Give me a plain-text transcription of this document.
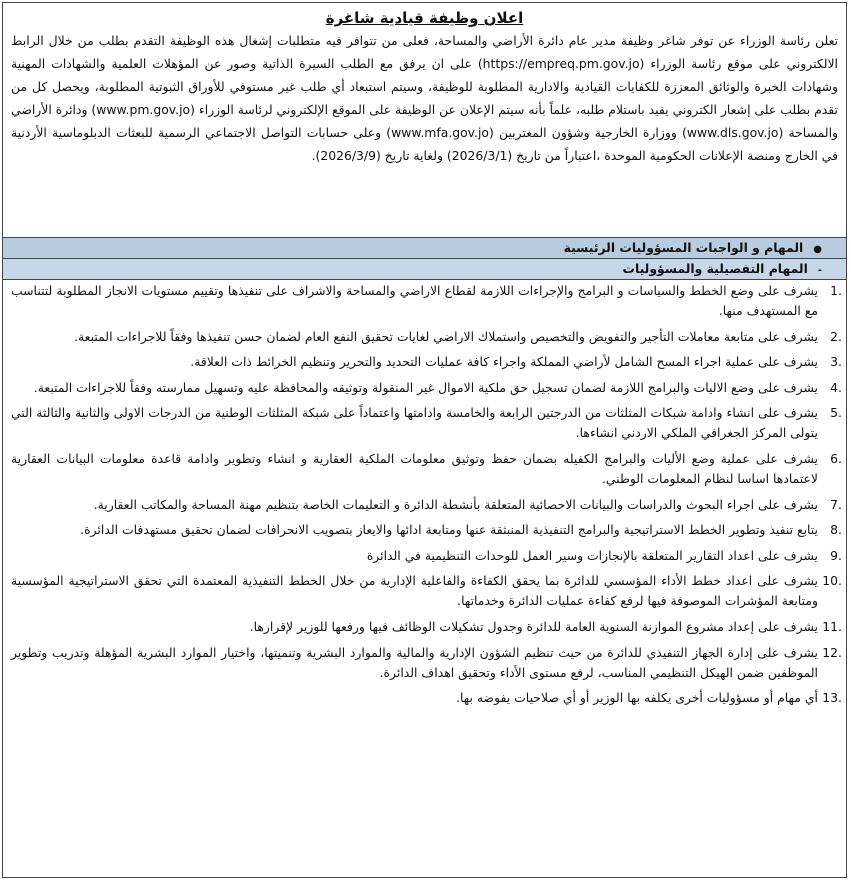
اعلان وظيفة قيادية شاغرة
تعلن رئاسة الوزراء عن توفر شاغر وظيفة مدير عام دائرة الأراضي والمساحة، فعلى من تتوافر فيه متطلبات إشغال هذه الوظيفة التقدم بطلب من خلال الرابط الالكتروني على موقع رئاسة الوزراء (https://empreq.pm.gov.jo) على ان يرفق مع الطلب السيرة الذاتية وصور عن المؤهلات العلمية والشهادات المهنية وشهادات الخبرة والوثائق المعززة للكفايات القيادية والادارية المطلوبة للوظيفة، وسيتم استبعاد أي طلب غير مستوفي للأوراق الثبوتية المطلوبة، ويحصل كل من تقدم بطلب على إشعار الكتروني يفيد باستلام طلبه، علماً بأنه سيتم الإعلان عن الوظيفة على الموقع الإلكتروني لرئاسة الوزراء (www.pm.gov.jo) ودائرة الأراضي والمساحة (www.dls.gov.jo) ووزارة الخارجية وشؤون المغتربين (www.mfa.gov.jo) وعلى حسابات التواصل الاجتماعي الرسمية للبعثات الدبلوماسية الأردنية في الخارج ومنصة الإعلانات الحكومية الموحدة ،اعتباراً من تاريخ (2026/3/1) ولغاية تاريخ (2026/3/9).
●المهام و الواجبات المسؤوليات الرئيسية
-المهام التفصيلية والمسؤوليات
1.
يشرف على وضع الخطط والسياسات و البرامج والإجراءات اللازمة لقطاع الاراضي والمساحة والاشراف على تنفيذها وتقييم مستويات الانجاز المطلوبة لتتناسب مع المستهدف منها.
2.
يشرف على متابعة معاملات التأجير والتفويض والتخصيص واستملاك الاراضي لغايات تحقيق النفع العام لضمان حسن تنفيذها وفقاً للاجراءات المتبعة.
3.
يشرف على عملية اجراء المسح الشامل لأراضي المملكة واجراء كافة عمليات التحديد والتحرير وتنظيم الخرائط ذات العلاقة.
4.
يشرف على وضع الاليات والبرامج اللازمة لضمان تسجيل حق ملكية الاموال غير المنقولة وتوثيقه والمحافظة عليه وتسهيل ممارسته وفقاً للاجراءات المتبعة.
5.
يشرف على انشاء وادامة شبكات المثلثات من الدرجتين الرابعة والخامسة وادامتها واعتماداً على شبكة المثلثات الوطنية من الدرجات الاولى والثانية والثالثة التي يتولى المركز الجغرافي الملكي الاردني انشاءها.
6.
يشرف على عملية وضع الأليات والبرامج الكفيله بضمان حفظ وتوثيق معلومات الملكية العقارية و انشاء وتطوير وادامة قاعدة معلومات البيانات العقارية لاعتمادها اساسا لنظام المعلومات الوطني.
7.
يشرف على اجراء البحوث والدراسات والبيانات الاحصائية المتعلقة بأنشطة الدائرة و التعليمات الخاصة بتنظيم مهنة المساحة والمكاتب العقارية.
8.
يتابع تنفيذ وتطوير الخطط الاستراتيجية والبرامج التنفيذية المنبثقة عنها ومتابعة ادائها والايعاز بتصويب الانحرافات لضمان تحقيق مستهدفات الدائرة.
9.
يشرف على اعداد التقارير المتعلقة بالإنجازات وسير العمل للوحدات التنظيمية في الدائرة
10.
يشرف على اعداد خطط الأداء المؤسسي للدائرة بما يحقق الكفاءة والفاعلية الإدارية من خلال الخطط التنفيذية المعتمدة التي تحقق الاستراتيجية المؤسسية ومتابعة المؤشرات الموصوفة فيها لرفع كفاءة عمليات الدائرة وخدماتها.
11.
يشرف على إعداد مشروع الموازنة السنوية العامة للدائرة وجدول تشكيلات الوظائف فيها ورفعها للوزير لإقرارها.
12.
يشرف على إدارة الجهاز التنفيذي للدائرة من حيث تنظيم الشؤون الإدارية والمالية والموارد البشرية وتنميتها، واختيار الموارد البشرية المؤهلة وتدريب وتطوير الموظفين ضمن الهيكل التنظيمي المناسب، لرفع مستوى الأداء وتحقيق اهداف الدائرة.
13.
أي مهام أو مسؤوليات أخرى يكلفه بها الوزير أو أي صلاحيات يفوضه بها.
